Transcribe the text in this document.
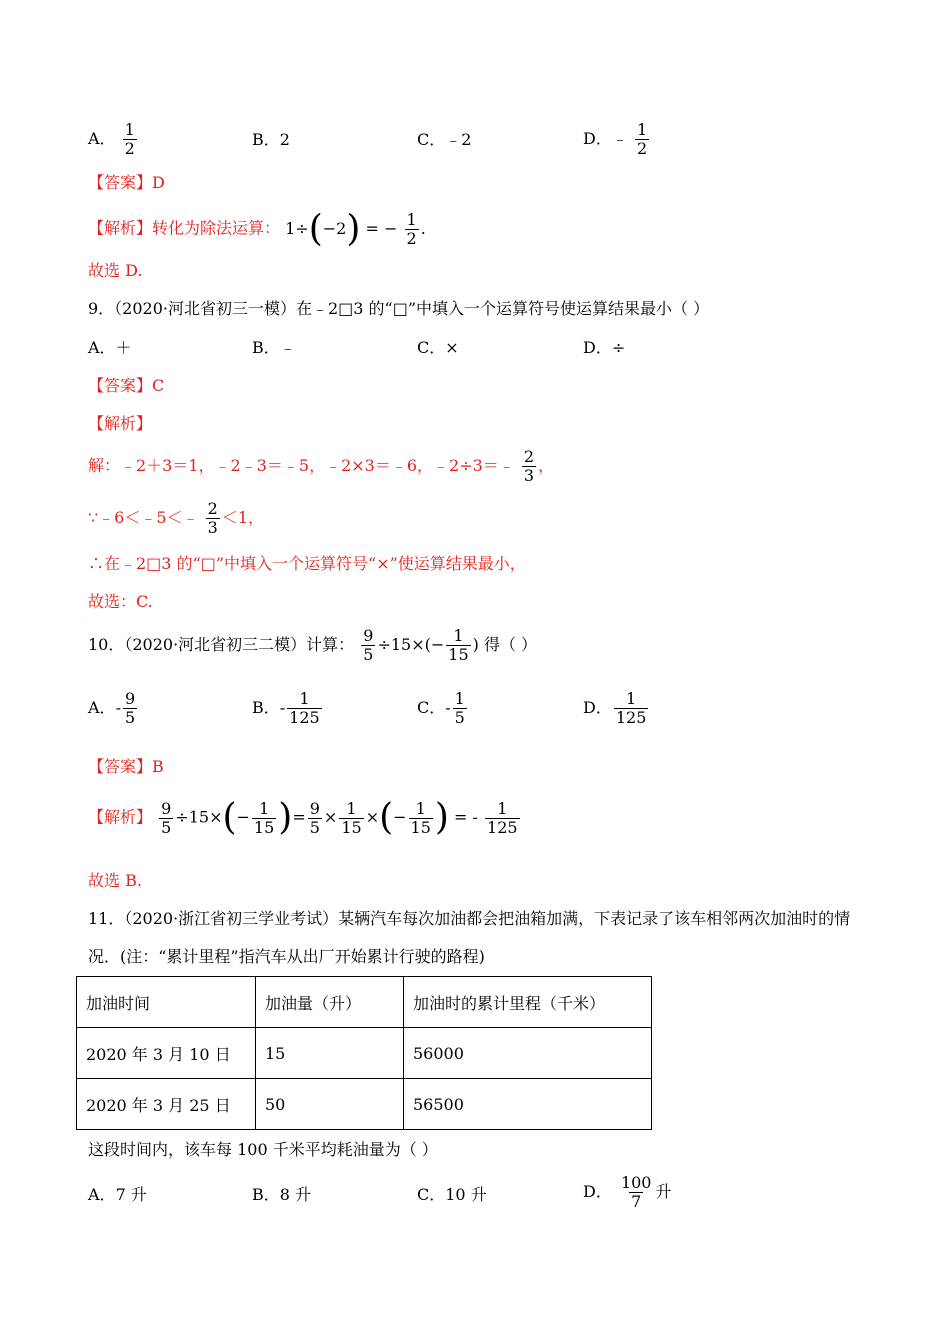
A． $\frac{1}{2}$	B．2	C．﹣2	D．﹣ $\frac{1}{2}$
【答案】D
【解析】转化为除法运算： 1÷(−2) = − $\frac{1}{2}$ .
故选 D.
9．（2020·河北省初三一模）在﹣2□3 的“□”中填入一个运算符号使运算结果最小（ ）
A．＋	B．﹣	C．×	D．÷
【答案】C
【解析】
解：﹣2＋3＝1，﹣2﹣3＝﹣5，﹣2×3＝﹣6，﹣2÷3＝﹣ $\frac{2}{3}$ ，
∵﹣6＜﹣5＜﹣ $\frac{2}{3} <1$，
∴在﹣2□3 的“□”中填入一个运算符号“×”使运算结果最小，
故选：C.
10．（2020·河北省初三二模）计算： $\frac{9}{5} \div 15\times(- \frac{1}{15}$ ) 得（ ）
A．- $\frac{9}{5}$	B．- $\frac{1}{125}$	C．- $\frac{1}{5}$	D． $\frac{1}{125}$
【答案】B
【解析】 $\frac{9}{5} \div 15\times(- \frac{1}{15}$ )= $\frac{9}{5} \times \frac{1}{15}$ ×(− $\frac{1}{15}$ ) = - $\frac{1}{125}$
故选 B.
11．（2020·浙江省初三学业考试）某辆汽车每次加油都会把油箱加满，下表记录了该车相邻两次加油时的情
况．(注：“累计里程”指汽车从出厂开始累计行驶的路程)
加油时间	加油量（升）	加油时的累计里程（千米）
2020 年 3 月 10 日	15	56000
2020 年 3 月 25 日	50	56500
这段时间内，该车每 100 千米平均耗油量为（ ）
A．7 升	B．8 升	C．10 升	D． $\frac{100}{7}$ 升
